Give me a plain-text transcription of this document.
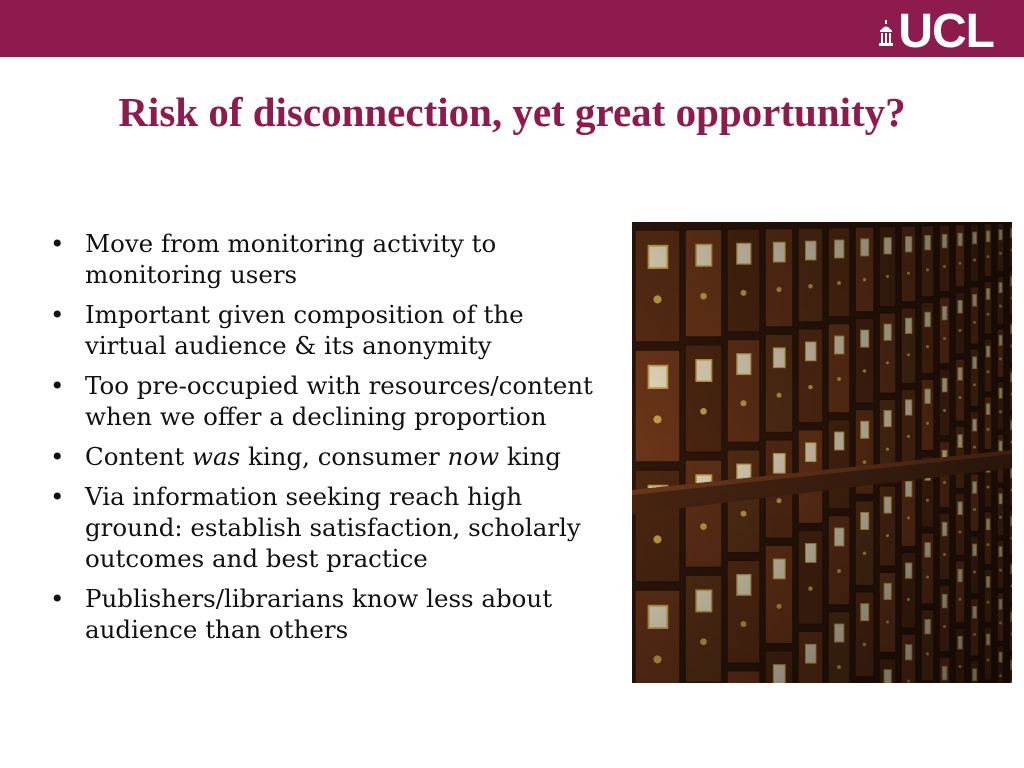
UCL
Risk of disconnection, yet great opportunity?
• Move from monitoring activity to monitoring users
• Important given composition of the virtual audience & its anonymity
• Too pre-occupied with resources/content when we offer a declining proportion
• Content was king, consumer now king
• Via information seeking reach high ground: establish satisfaction, scholarly outcomes and best practice
• Publishers/librarians know less about audience than others
